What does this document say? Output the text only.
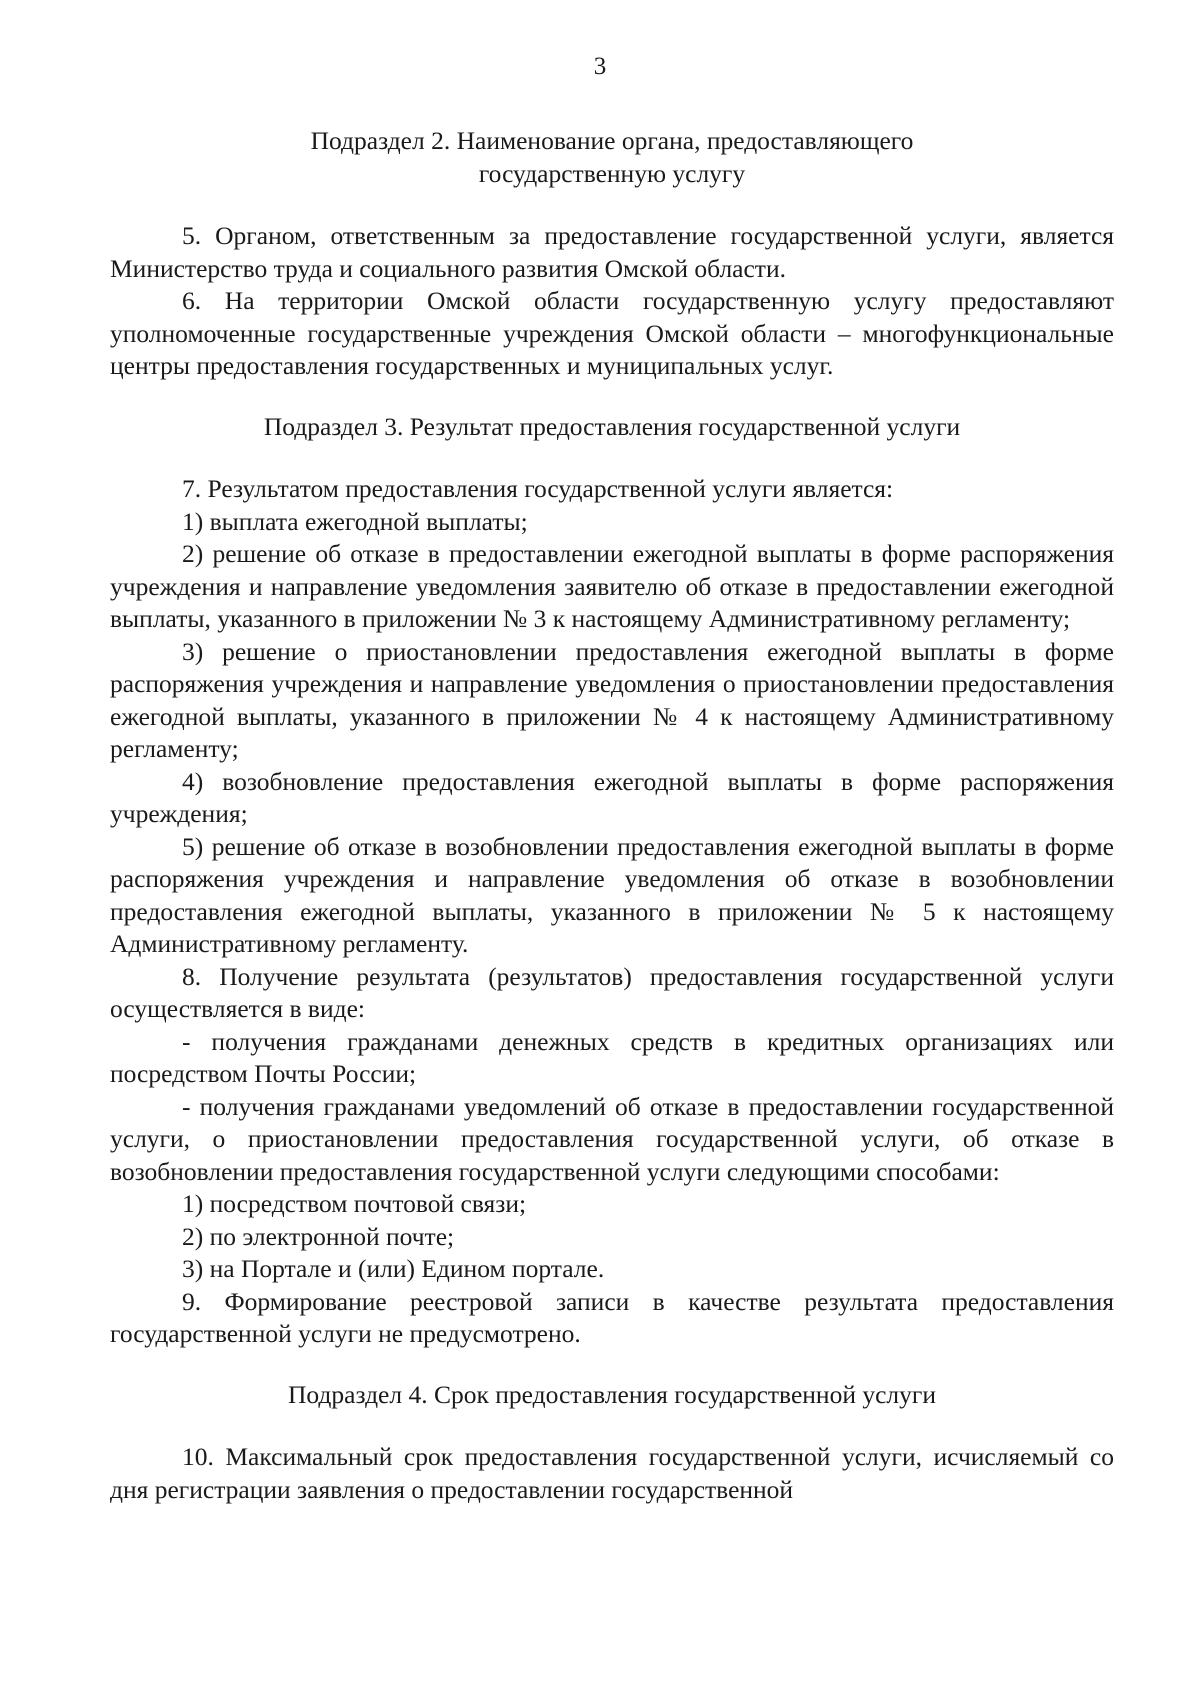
3
Подраздел 2. Наименование органа, предоставляющего
государственную услугу

5. Органом, ответственным за предоставление государственной услуги, является Министерство труда и социального развития Омской области.

6. На территории Омской области государственную услугу предоставляют уполномоченные государственные учреждения Омской области – многофункциональные центры предоставления государственных и муниципальных услуг.

Подраздел 3. Результат предоставления государственной услуги

7. Результатом предоставления государственной услуги является:

1) выплата ежегодной выплаты;

2) решение об отказе в предоставлении ежегодной выплаты в форме распоряжения учреждения и направление уведомления заявителю об отказе в предоставлении ежегодной выплаты, указанного в приложении № 3 к настоящему Административному регламенту;

3) решение о приостановлении предоставления ежегодной выплаты в форме распоряжения учреждения и направление уведомления о приостановлении предоставления ежегодной выплаты, указанного в приложении № 4 к настоящему Административному регламенту;

4) возобновление предоставления ежегодной выплаты в форме распоряжения учреждения;

5) решение об отказе в возобновлении предоставления ежегодной выплаты в форме распоряжения учреждения и направление уведомления об отказе в возобновлении предоставления ежегодной выплаты, указанного в приложении № 5 к настоящему Административному регламенту.

8. Получение результата (результатов) предоставления государственной услуги осуществляется в виде:

- получения гражданами денежных средств в кредитных организациях или посредством Почты России;

- получения гражданами уведомлений об отказе в предоставлении государственной услуги, о приостановлении предоставления государственной услуги, об отказе в возобновлении предоставления государственной услуги следующими способами:

1) посредством почтовой связи;

2) по электронной почте;

3) на Портале и (или) Едином портале.

9. Формирование реестровой записи в качестве результата предоставления государственной услуги не предусмотрено.

Подраздел 4. Срок предоставления государственной услуги

10. Максимальный срок предоставления государственной услуги, исчисляемый со дня регистрации заявления о предоставлении государственной
